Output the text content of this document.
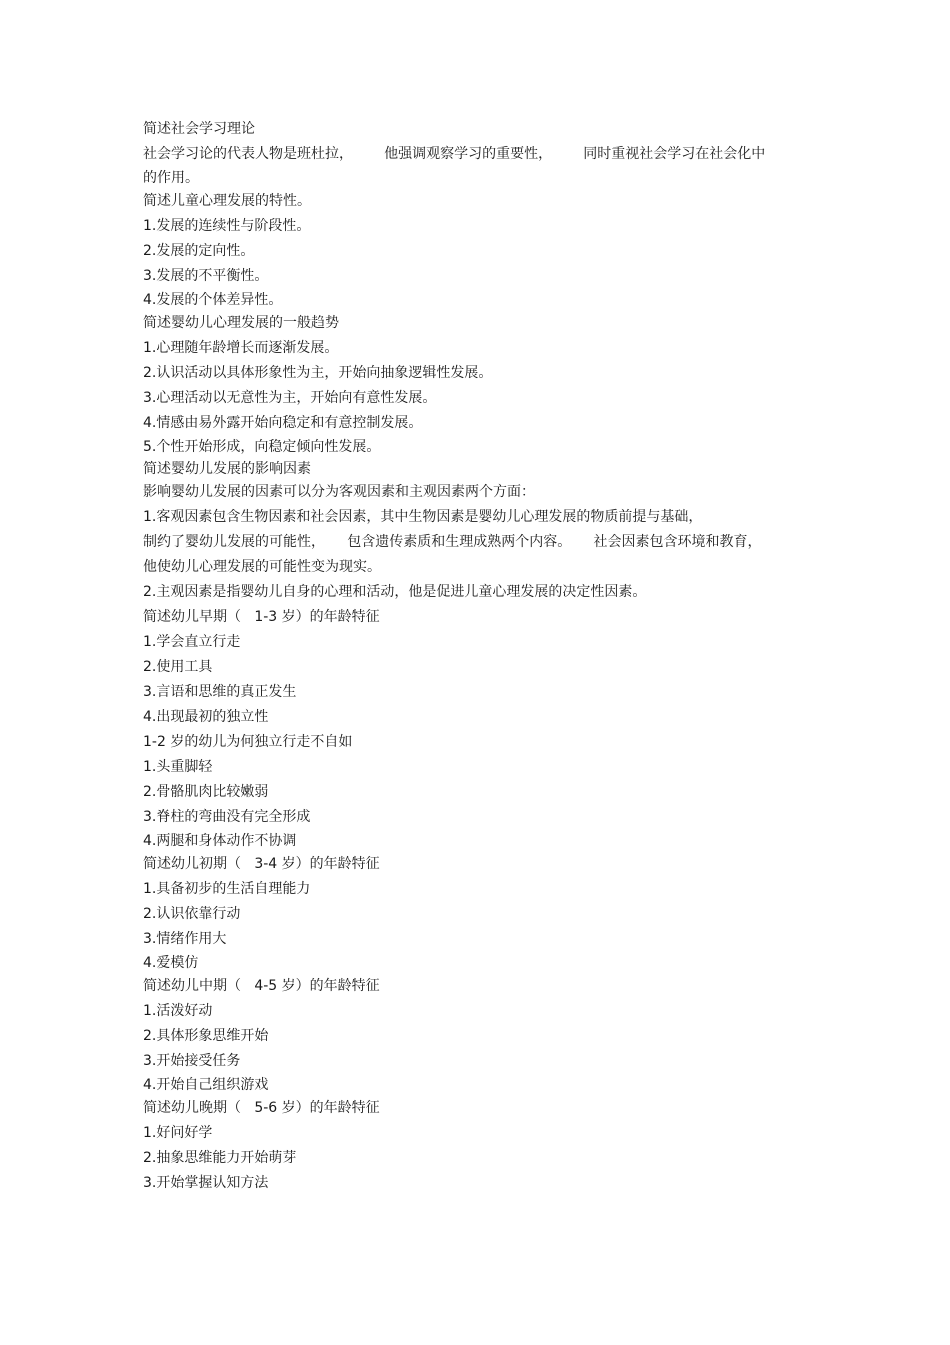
简述社会学习理论

社会学习论的代表人物是班杜拉，       他强调观察学习的重要性，       同时重视社会学习在社会化中

的作用。

简述儿童心理发展的特性。

1.发展的连续性与阶段性。

2.发展的定向性。

3.发展的不平衡性。

4.发展的个体差异性。

简述婴幼儿心理发展的一般趋势

1.心理随年龄增长而逐渐发展。

2.认识活动以具体形象性为主，开始向抽象逻辑性发展。

3.心理活动以无意性为主，开始向有意性发展。

4.情感由易外露开始向稳定和有意控制发展。

5.个性开始形成，向稳定倾向性发展。

简述婴幼儿发展的影响因素

影响婴幼儿发展的因素可以分为客观因素和主观因素两个方面：

1.客观因素包含生物因素和社会因素，其中生物因素是婴幼儿心理发展的物质前提与基础，

制约了婴幼儿发展的可能性，     包含遗传素质和生理成熟两个内容。     社会因素包含环境和教育，

他使幼儿心理发展的可能性变为现实。

2.主观因素是指婴幼儿自身的心理和活动，他是促进儿童心理发展的决定性因素。

简述幼儿早期（   1-3 岁）的年龄特征

1.学会直立行走

2.使用工具

3.言语和思维的真正发生

4.出现最初的独立性

1-2 岁的幼儿为何独立行走不自如

1.头重脚轻

2.骨骼肌肉比较嫩弱

3.脊柱的弯曲没有完全形成

4.两腿和身体动作不协调

简述幼儿初期（   3-4 岁）的年龄特征

1.具备初步的生活自理能力

2.认识依靠行动

3.情绪作用大

4.爱模仿

简述幼儿中期（   4-5 岁）的年龄特征

1.活泼好动

2.具体形象思维开始

3.开始接受任务

4.开始自己组织游戏

简述幼儿晚期（   5-6 岁）的年龄特征

1.好问好学

2.抽象思维能力开始萌芽

3.开始掌握认知方法
